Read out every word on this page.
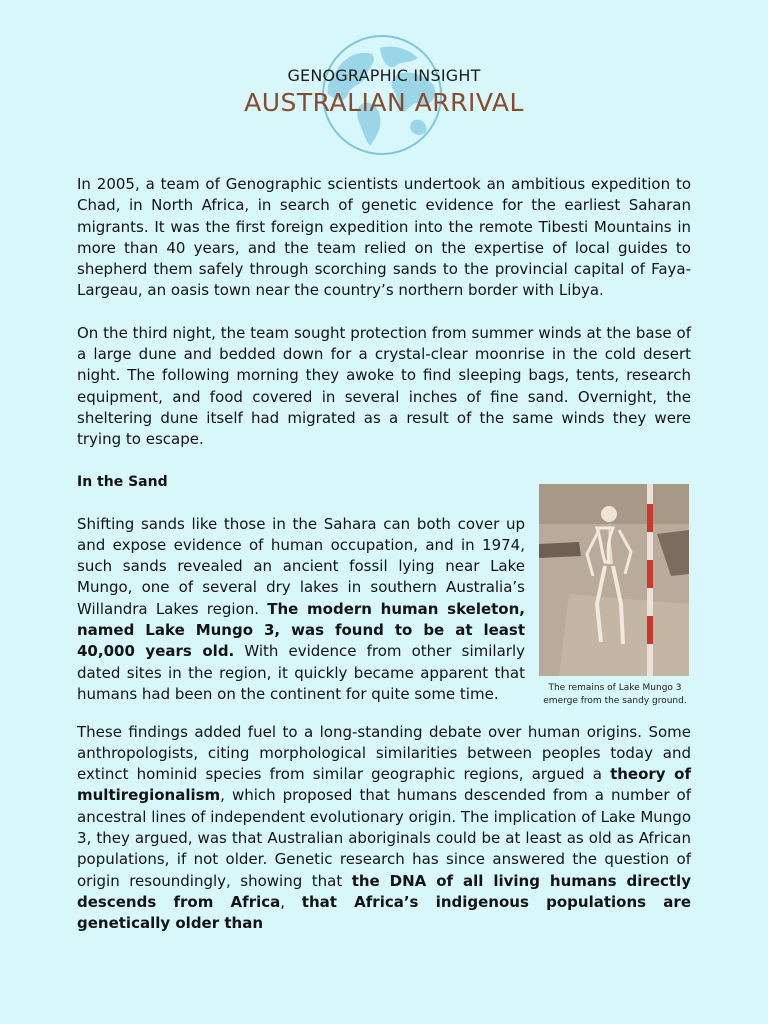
GENOGRAPHIC INSIGHT
AUSTRALIAN ARRIVAL

In 2005, a team of Genographic scientists undertook an ambitious expedition to Chad, in North Africa, in search of genetic evidence for the earliest Saharan migrants. It was the first foreign expedition into the remote Tibesti Mountains in more than 40 years, and the team relied on the expertise of local guides to shepherd them safely through scorching sands to the provincial capital of Faya-Largeau, an oasis town near the country’s northern border with Libya.

On the third night, the team sought protection from summer winds at the base of a large dune and bedded down for a crystal-clear moonrise in the cold desert night. The following morning they awoke to find sleeping bags, tents, research equipment, and food covered in several inches of fine sand. Overnight, the sheltering dune itself had migrated as a result of the same winds they were trying to escape.

In the Sand

Shifting sands like those in the Sahara can both cover up and expose evidence of human occupation, and in 1974, such sands revealed an ancient fossil lying near Lake Mungo, one of several dry lakes in southern Australia’s Willandra Lakes region. The modern human skeleton, named Lake Mungo 3, was found to be at least 40,000 years old. With evidence from other similarly dated sites in the region, it quickly became apparent that humans had been on the continent for quite some time.	The remains of Lake Mungo 3 emerge from the sandy ground.

These findings added fuel to a long-standing debate over human origins. Some anthropologists, citing morphological similarities between peoples today and extinct hominid species from similar geographic regions, argued a theory of multiregionalism, which proposed that humans descended from a number of ancestral lines of independent evolutionary origin. The implication of Lake Mungo 3, they argued, was that Australian aboriginals could be at least as old as African populations, if not older. Genetic research has since answered the question of origin resoundingly, showing that the DNA of all living humans directly descends from Africa, that Africa’s indigenous populations are genetically older than
